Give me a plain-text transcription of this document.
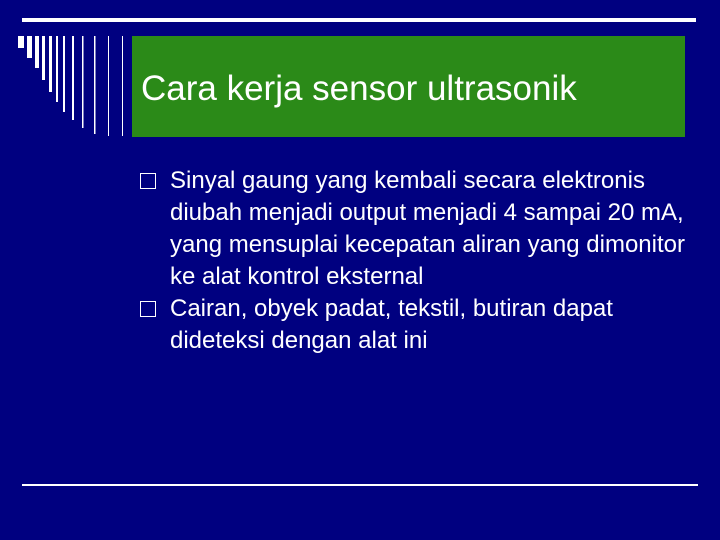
Cara kerja sensor ultrasonik
Sinyal gaung yang kembali secara elektronis diubah menjadi output menjadi 4 sampai 20 mA, yang mensuplai kecepatan aliran yang dimonitor ke alat kontrol eksternal
Cairan, obyek padat, tekstil, butiran dapat dideteksi dengan alat ini
